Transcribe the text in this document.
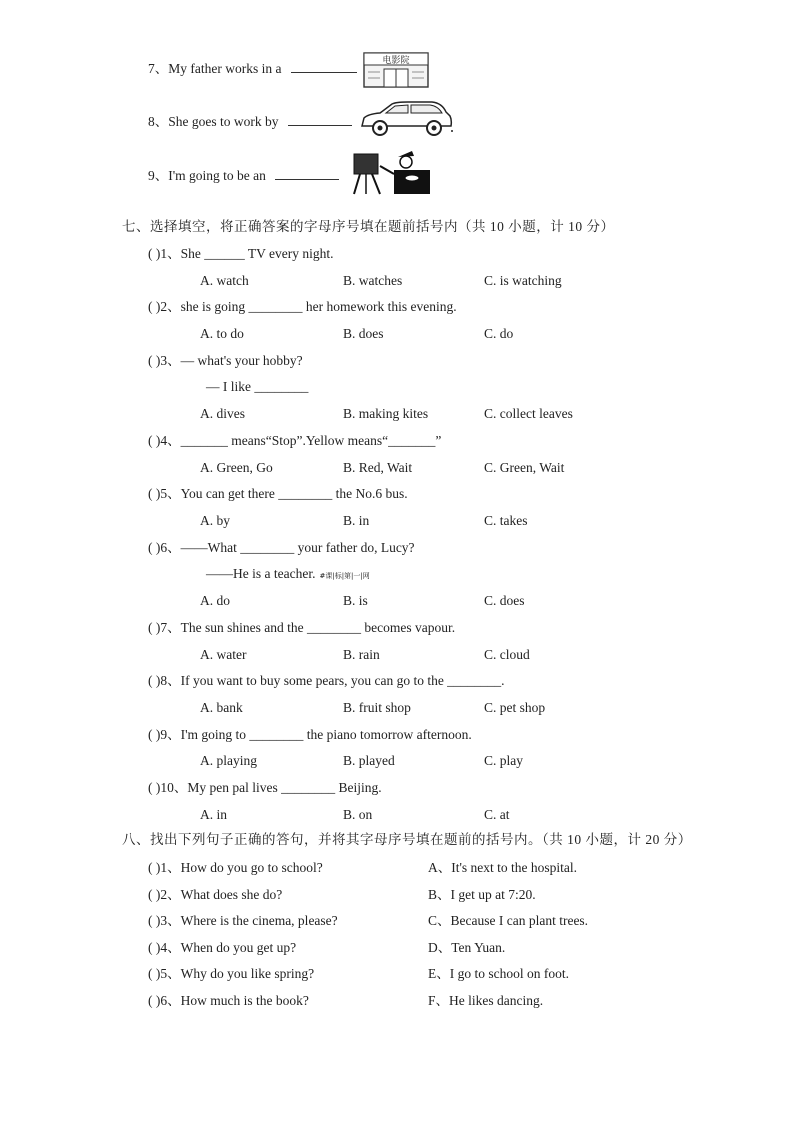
7、My father works in a	电影院
8、She goes to work by
9、I'm going to be an
七、选择填空，将正确答案的字母序号填在题前括号内（共 10 小题，计 10 分）
( )1、She ______ TV every night.
A. watch	B. watches	C. is watching
( )2、she is going ________ her homework this evening.
A. to do	B. does	C. do
( )3、— what's your hobby?
— I like ________
A. dives	B. making kites	C. collect leaves
( )4、_______ means“Stop”.Yellow means“_______”
A. Green, Go	B. Red, Wait	C. Green, Wait
( )5、You can get there ________ the No.6 bus.
A. by	B. in	C. takes
( )6、——What ________ your father do, Lucy?
——He is a teacher. #课|标|第|一|网
A. do	B. is	C. does
( )7、The sun shines and the ________ becomes vapour.
A. water	B. rain	C. cloud
( )8、If you want to buy some pears, you can go to the ________.
A. bank	B. fruit shop	C. pet shop
( )9、I'm going to ________ the piano tomorrow afternoon.
A. playing	B. played	C. play
( )10、My pen pal lives ________ Beijing.
A. in	B. on	C. at
八、找出下列句子正确的答句，并将其字母序号填在题前的括号内。（共 10 小题，计 20 分）
( )1、How do you go to school?	A、It's next to the hospital.
( )2、What does she do?	B、I get up at 7:20.
( )3、Where is the cinema, please?	C、Because I can plant trees.
( )4、When do you get up?	D、Ten Yuan.
( )5、Why do you like spring?	E、I go to school on foot.
( )6、How much is the book?	F、He likes dancing.
